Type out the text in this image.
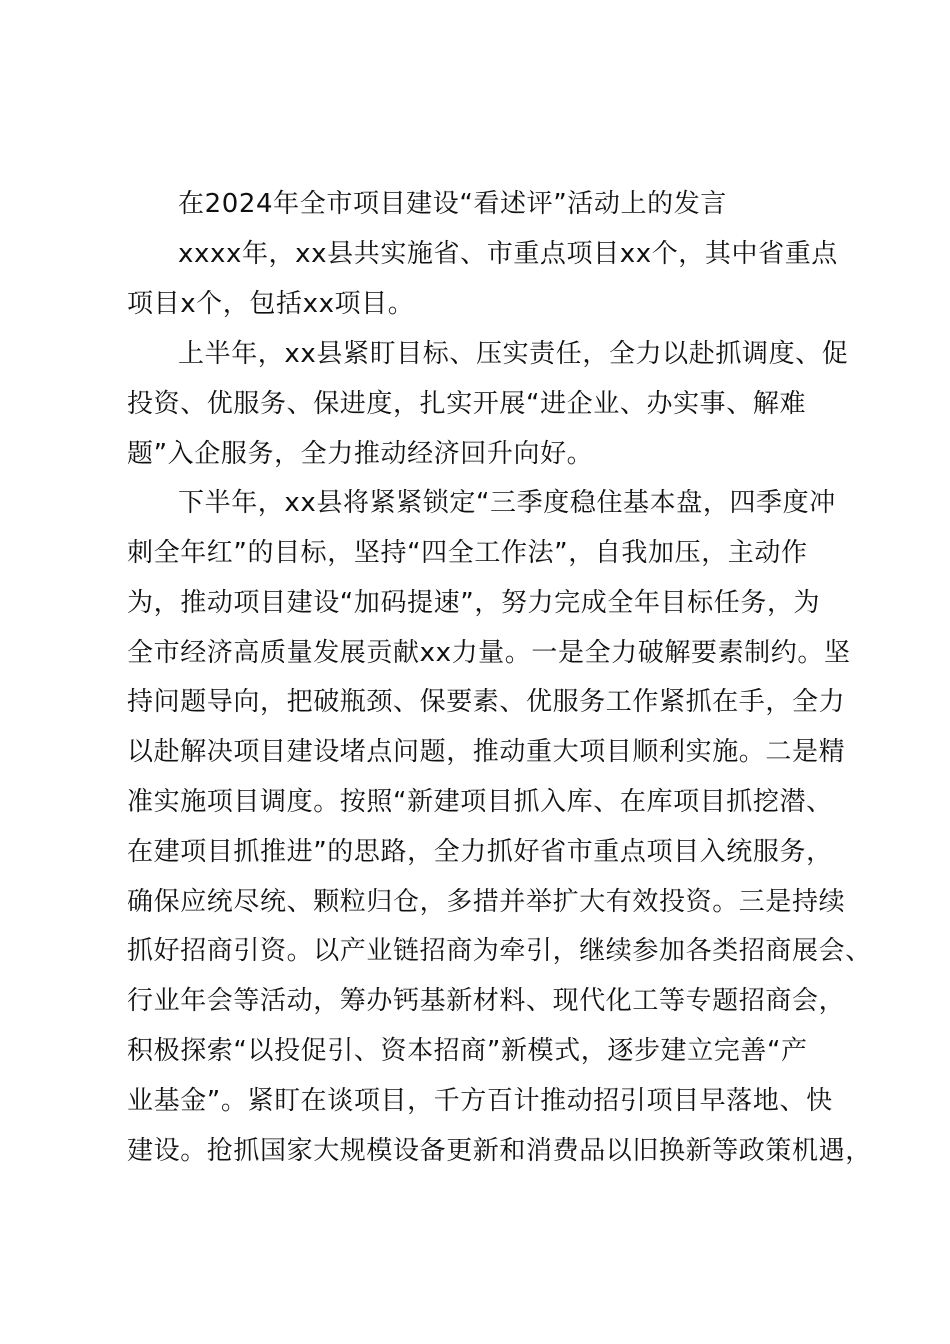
在2024年全市项目建设“看述评”活动上的发言
xxxx年，xx县共实施省、市重点项目xx个，其中省重点
项目x个，包括xx项目。
上半年，xx县紧盯目标、压实责任，全力以赴抓调度、促
投资、优服务、保进度，扎实开展“进企业、办实事、解难
题”入企服务，全力推动经济回升向好。
下半年，xx县将紧紧锁定“三季度稳住基本盘，四季度冲
刺全年红”的目标，坚持“四全工作法”，自我加压，主动作
为，推动项目建设“加码提速”，努力完成全年目标任务，为
全市经济高质量发展贡献xx力量。一是全力破解要素制约。坚
持问题导向，把破瓶颈、保要素、优服务工作紧抓在手，全力
以赴解决项目建设堵点问题，推动重大项目顺利实施。二是精
准实施项目调度。按照“新建项目抓入库、在库项目抓挖潜、
在建项目抓推进”的思路，全力抓好省市重点项目入统服务，
确保应统尽统、颗粒归仓，多措并举扩大有效投资。三是持续
抓好招商引资。以产业链招商为牵引，继续参加各类招商展会、
行业年会等活动，筹办钙基新材料、现代化工等专题招商会，
积极探索“以投促引、资本招商”新模式，逐步建立完善“产
业基金”。紧盯在谈项目，千方百计推动招引项目早落地、快
建设。抢抓国家大规模设备更新和消费品以旧换新等政策机遇，
